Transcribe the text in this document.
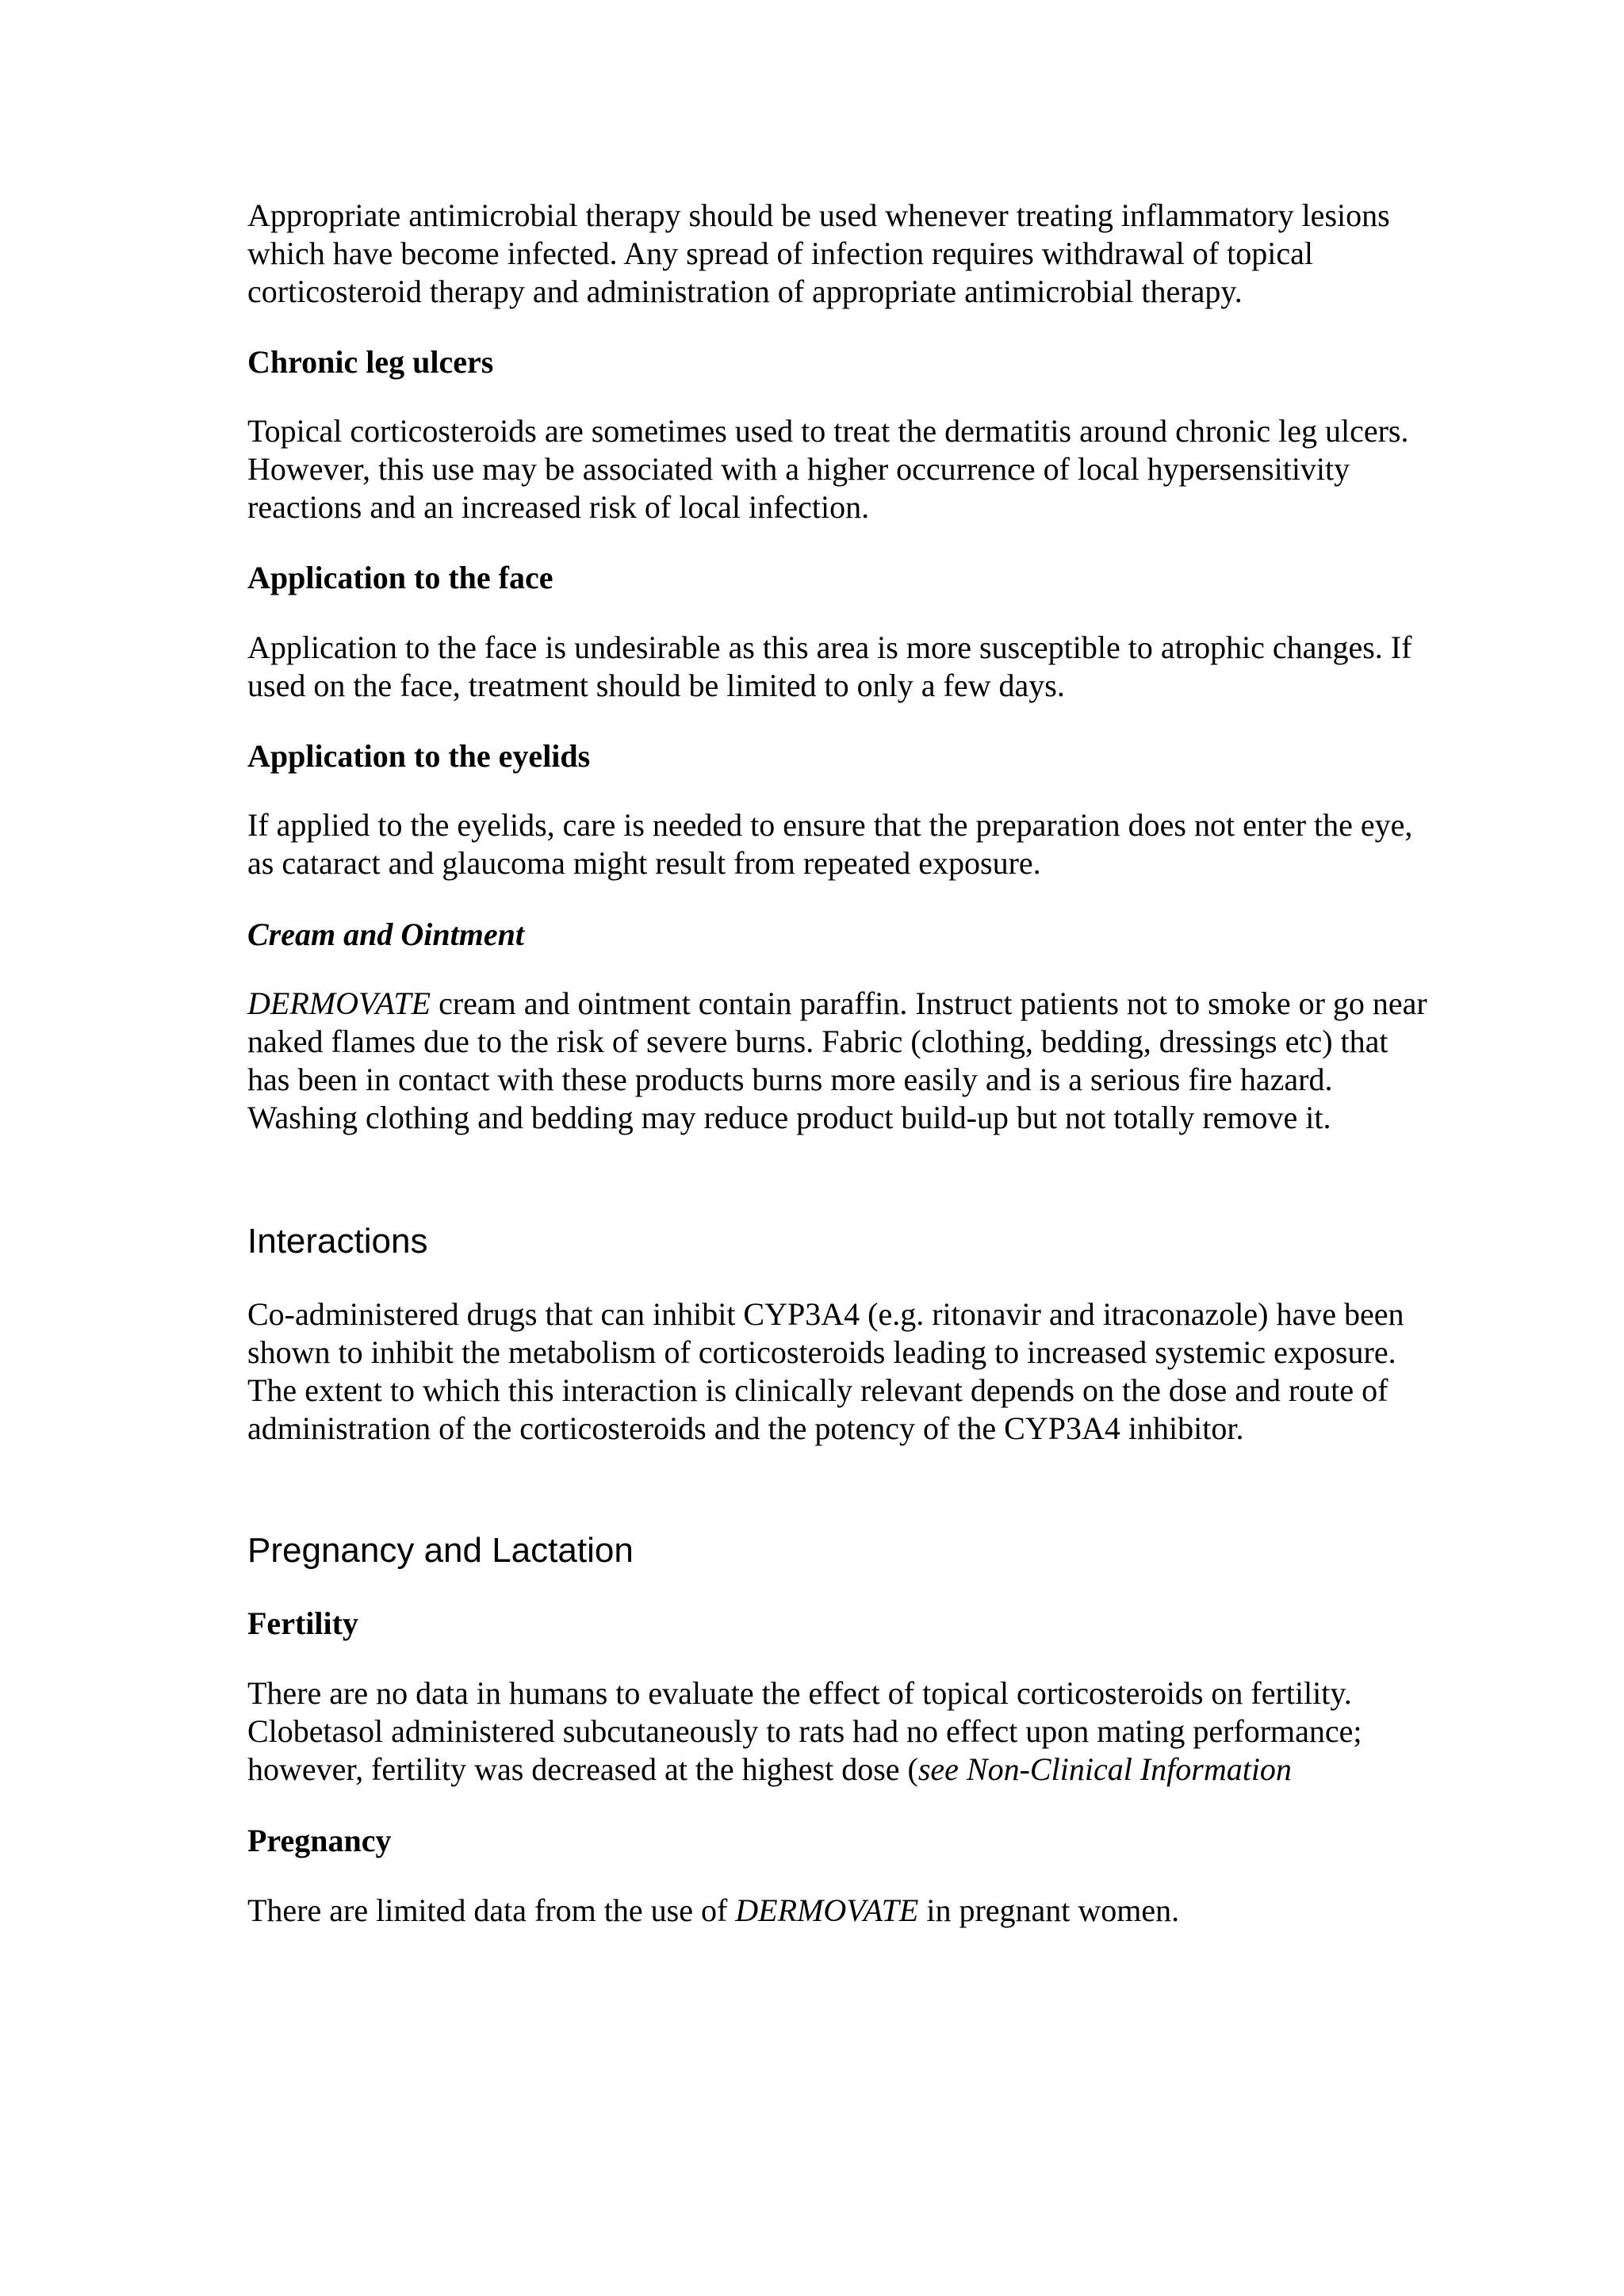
Appropriate antimicrobial therapy should be used whenever treating inflammatory lesions which have become infected. Any spread of infection requires withdrawal of topical corticosteroid therapy and administration of appropriate antimicrobial therapy.

Chronic leg ulcers

Topical corticosteroids are sometimes used to treat the dermatitis around chronic leg ulcers. However, this use may be associated with a higher occurrence of local hypersensitivity reactions and an increased risk of local infection.

Application to the face

Application to the face is undesirable as this area is more susceptible to atrophic changes. If used on the face, treatment should be limited to only a few days.

Application to the eyelids

If applied to the eyelids, care is needed to ensure that the preparation does not enter the eye, as cataract and glaucoma might result from repeated exposure.

Cream and Ointment

DERMOVATE cream and ointment contain paraffin. Instruct patients not to smoke or go near naked flames due to the risk of severe burns. Fabric (clothing, bedding, dressings etc) that has been in contact with these products burns more easily and is a serious fire hazard. Washing clothing and bedding may reduce product build-up but not totally remove it.

Interactions

Co-administered drugs that can inhibit CYP3A4 (e.g. ritonavir and itraconazole) have been shown to inhibit the metabolism of corticosteroids leading to increased systemic exposure. The extent to which this interaction is clinically relevant depends on the dose and route of administration of the corticosteroids and the potency of the CYP3A4 inhibitor.

Pregnancy and Lactation

Fertility

There are no data in humans to evaluate the effect of topical corticosteroids on fertility. Clobetasol administered subcutaneously to rats had no effect upon mating performance; however, fertility was decreased at the highest dose (see Non-Clinical Information

Pregnancy

There are limited data from the use of DERMOVATE in pregnant women.
